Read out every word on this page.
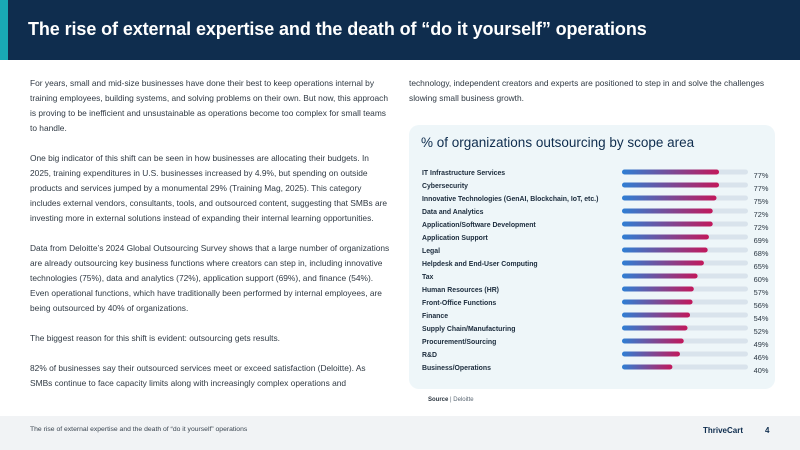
The rise of external expertise and the death of “do it yourself” operations

For years, small and mid-size businesses have done their best to keep operations internal by training employees, building systems, and solving problems on their own. But now, this approach is proving to be inefficient and unsustainable as operations become too complex for small teams to handle.

One big indicator of this shift can be seen in how businesses are allocating their budgets. In 2025, training expenditures in U.S. businesses increased by 4.9%, but spending on outside products and services jumped by a monumental 29% (Training Mag, 2025). This category includes external vendors, consultants, tools, and outsourced content, suggesting that SMBs are investing more in external solutions instead of expanding their internal learning opportunities.

Data from Deloitte’s 2024 Global Outsourcing Survey shows that a large number of organizations are already outsourcing key business functions where creators can step in, including innovative technologies (75%), data and analytics (72%), application support (69%), and finance (54%). Even operational functions, which have traditionally been performed by internal employees, are being outsourced by 40% of organizations.

The biggest reason for this shift is evident: outsourcing gets results.

82% of businesses say their outsourced services meet or exceed satisfaction (Deloitte). As SMBs continue to face capacity limits along with increasingly complex operations and

technology, independent creators and experts are positioned to step in and solve the challenges slowing small business growth.
% of organizations outsourcing by scope area
IT Infrastructure Services	77%
Cybersecurity	77%
Innovative Technologies (GenAI, Blockchain, IoT, etc.)	75%
Data and Analytics	72%
Application/Software Development	72%
Application Support	69%
Legal	68%
Helpdesk and End-User Computing	65%
Tax	60%
Human Resources (HR)	57%
Front-Office Functions	56%
Finance	54%
Supply Chain/Manufacturing	52%
Procurement/Sourcing	49%
R&D	46%
Business/Operations	40%
Source | Deloitte
The rise of external expertise and the death of “do it yourself” operations	ThriveCart	4
